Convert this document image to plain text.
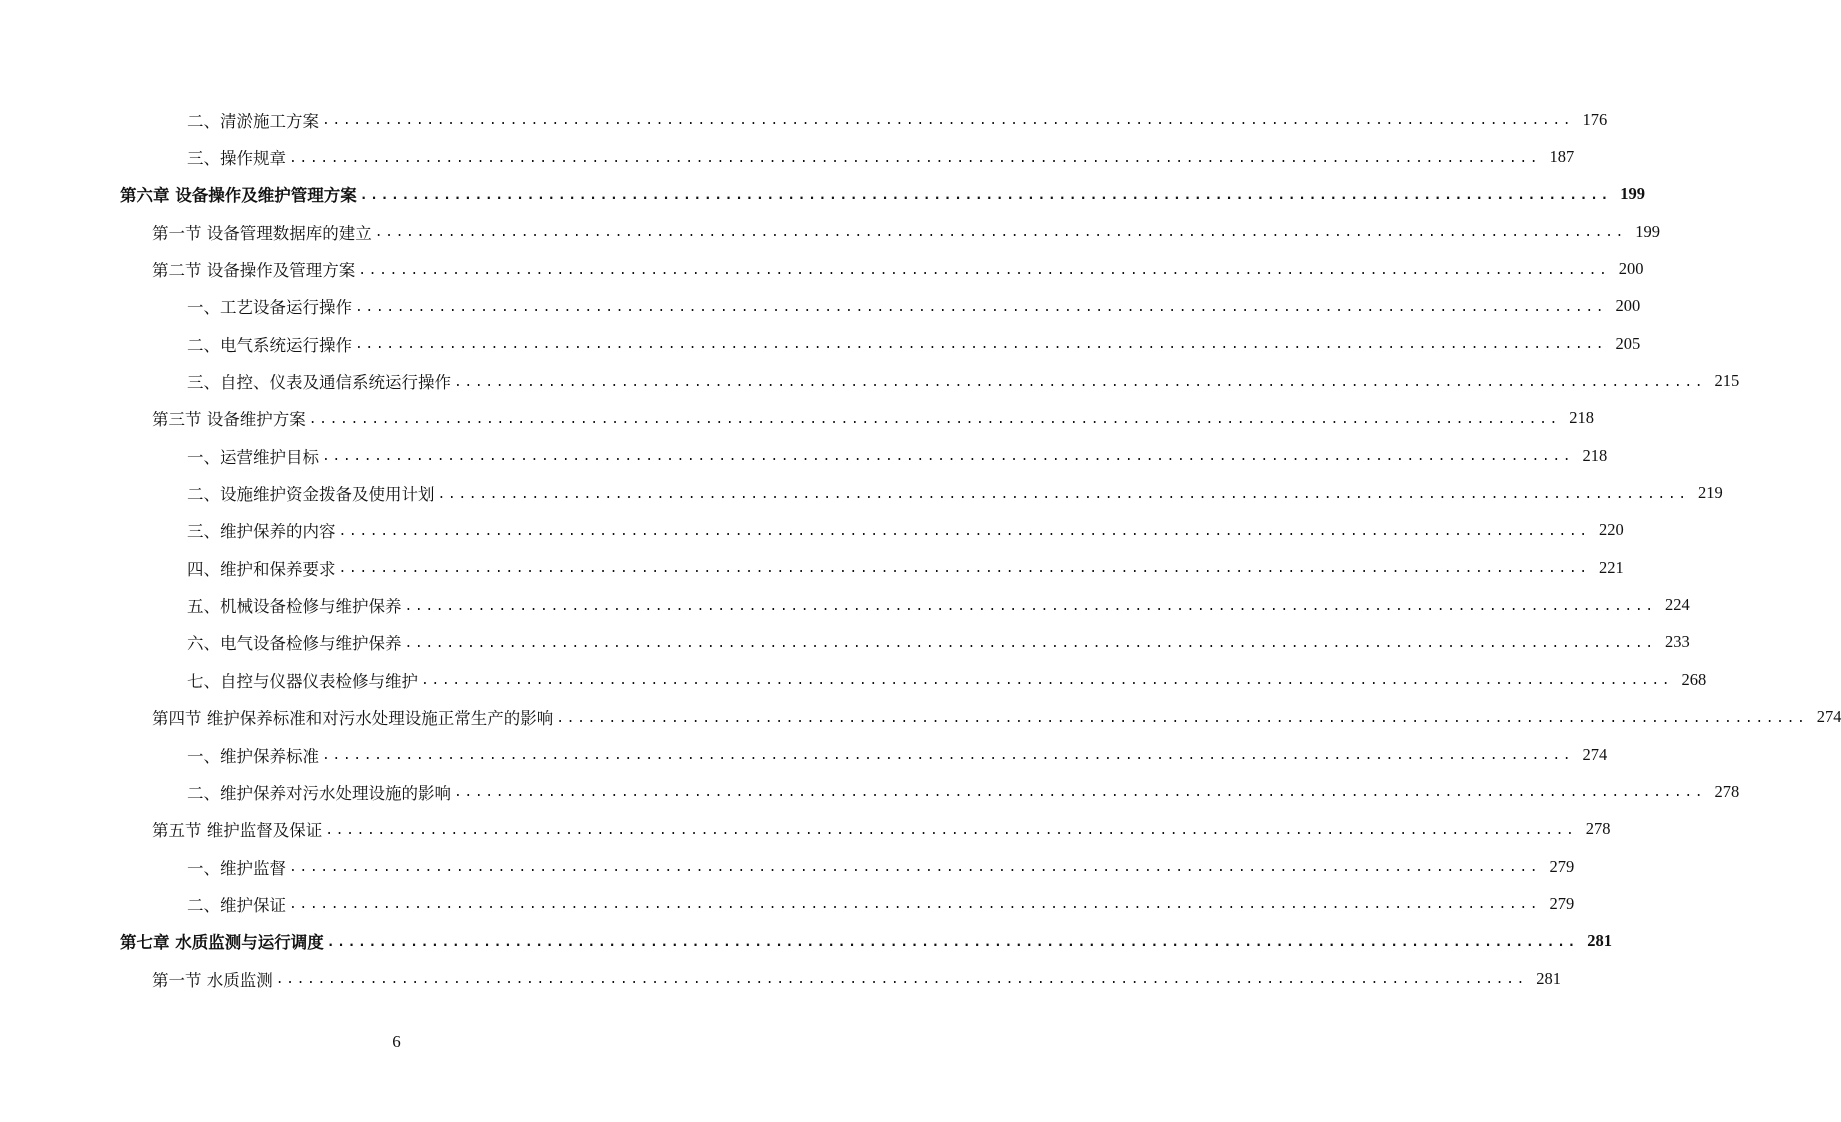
二、清淤施工方案 ........................................................................................................................ 176
三、操作规章 ........................................................................................................................ 187
第六章 设备操作及维护管理方案 ........................................................................................................................ 199
第一节 设备管理数据库的建立 ........................................................................................................................ 199
第二节 设备操作及管理方案 ........................................................................................................................ 200
一、工艺设备运行操作 ........................................................................................................................ 200
二、电气系统运行操作 ........................................................................................................................ 205
三、自控、仪表及通信系统运行操作 ........................................................................................................................ 215
第三节 设备维护方案 ........................................................................................................................ 218
一、运营维护目标 ........................................................................................................................ 218
二、设施维护资金拨备及使用计划 ........................................................................................................................ 219
三、维护保养的内容 ........................................................................................................................ 220
四、维护和保养要求 ........................................................................................................................ 221
五、机械设备检修与维护保养 ........................................................................................................................ 224
六、电气设备检修与维护保养 ........................................................................................................................ 233
七、自控与仪器仪表检修与维护 ........................................................................................................................ 268
第四节 维护保养标准和对污水处理设施正常生产的影响 ........................................................................................................................ 274
一、维护保养标准 ........................................................................................................................ 274
二、维护保养对污水处理设施的影响 ........................................................................................................................ 278
第五节 维护监督及保证 ........................................................................................................................ 278
一、维护监督 ........................................................................................................................ 279
二、维护保证 ........................................................................................................................ 279
第七章 水质监测与运行调度 ........................................................................................................................ 281
第一节 水质监测 ........................................................................................................................ 281
6
